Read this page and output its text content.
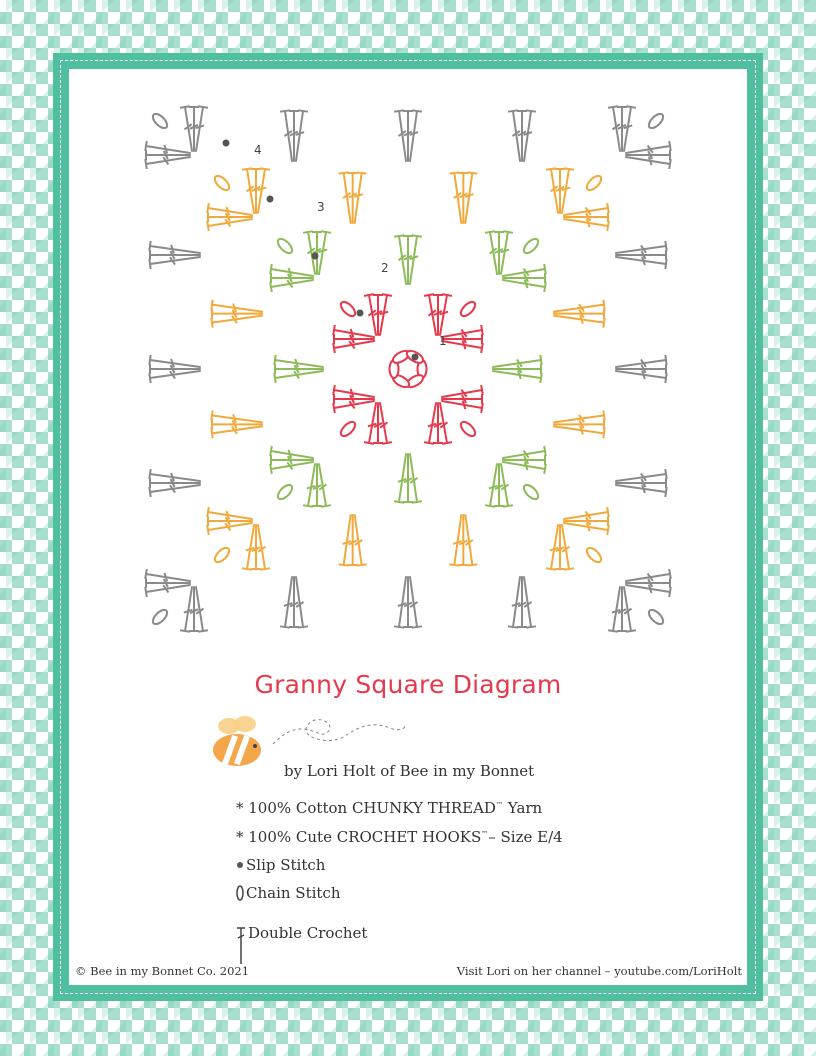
1
2
3
4
Granny Square Diagram
by Lori Holt of Bee in my Bonnet
* 100% Cotton CHUNKY THREAD™ Yarn
* 100% Cute CROCHET HOOKS™– Size E/4
Slip Stitch
Chain Stitch
Double Crochet
© Bee in my Bonnet Co. 2021	Visit Lori on her channel – youtube.com/LoriHolt
